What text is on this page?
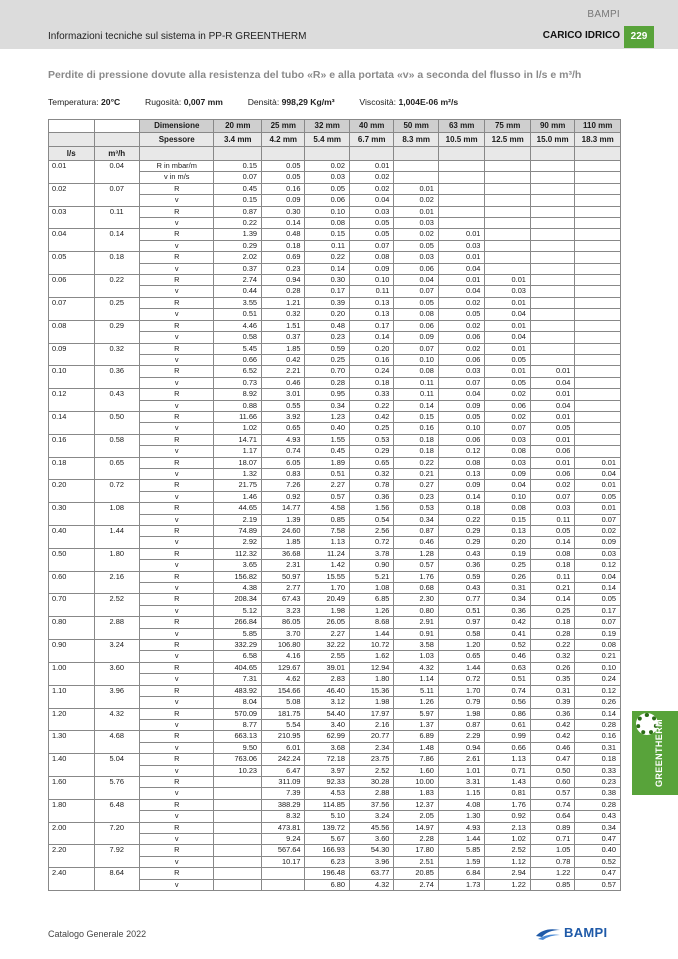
BAMPI
Informazioni tecniche sul sistema in PP-R GREENTHERM	CARICO IDRICO	229
Perdite di pressione dovute alla resistenza del tubo «R» e alla portata «v» a seconda del flusso in l/s e m³/h
Temperatura: 20°C	Rugosità: 0,007 mm	Densità: 998,29 Kg/m³	Viscosità: 1,004E-06 m²/s
		Dimensione	20 mm	25 mm	32 mm	40 mm	50 mm	63 mm	75 mm	90 mm	110 mm
		Spessore	3.4 mm	4.2 mm	5.4 mm	6.7 mm	8.3 mm	10.5 mm	12.5 mm	15.0 mm	18.3 mm
l/s	m³/h										
0.01	0.04	R in mbar/m	0.15	0.05	0.02	0.01					
		v in m/s	0.07	0.05	0.03	0.02					
0.02	0.07	R	0.45	0.16	0.05	0.02	0.01				
		v	0.15	0.09	0.06	0.04	0.02				
0.03	0.11	R	0.87	0.30	0.10	0.03	0.01				
		v	0.22	0.14	0.08	0.05	0.03				
0.04	0.14	R	1.39	0.48	0.15	0.05	0.02	0.01			
		v	0.29	0.18	0.11	0.07	0.05	0.03			
0.05	0.18	R	2.02	0.69	0.22	0.08	0.03	0.01			
		v	0.37	0.23	0.14	0.09	0.06	0.04			
0.06	0.22	R	2.74	0.94	0.30	0.10	0.04	0.01	0.01		
		v	0.44	0.28	0.17	0.11	0.07	0.04	0.03		
0.07	0.25	R	3.55	1.21	0.39	0.13	0.05	0.02	0.01		
		v	0.51	0.32	0.20	0.13	0.08	0.05	0.04		
0.08	0.29	R	4.46	1.51	0.48	0.17	0.06	0.02	0.01		
		v	0.58	0.37	0.23	0.14	0.09	0.06	0.04		
0.09	0.32	R	5.45	1.85	0.59	0.20	0.07	0.02	0.01		
		v	0.66	0.42	0.25	0.16	0.10	0.06	0.05		
0.10	0.36	R	6.52	2.21	0.70	0.24	0.08	0.03	0.01	0.01	
		v	0.73	0.46	0.28	0.18	0.11	0.07	0.05	0.04	
0.12	0.43	R	8.92	3.01	0.95	0.33	0.11	0.04	0.02	0.01	
		v	0.88	0.55	0.34	0.22	0.14	0.09	0.06	0.04	
0.14	0.50	R	11.66	3.92	1.23	0.42	0.15	0.05	0.02	0.01	
		v	1.02	0.65	0.40	0.25	0.16	0.10	0.07	0.05	
0.16	0.58	R	14.71	4.93	1.55	0.53	0.18	0.06	0.03	0.01	
		v	1.17	0.74	0.45	0.29	0.18	0.12	0.08	0.06	
0.18	0.65	R	18.07	6.05	1.89	0.65	0.22	0.08	0.03	0.01	0.01
		v	1.32	0.83	0.51	0.32	0.21	0.13	0.09	0.06	0.04
0.20	0.72	R	21.75	7.26	2.27	0.78	0.27	0.09	0.04	0.02	0.01
		v	1.46	0.92	0.57	0.36	0.23	0.14	0.10	0.07	0.05
0.30	1.08	R	44.65	14.77	4.58	1.56	0.53	0.18	0.08	0.03	0.01
		v	2.19	1.39	0.85	0.54	0.34	0.22	0.15	0.11	0.07
0.40	1.44	R	74.89	24.60	7.58	2.56	0.87	0.29	0.13	0.05	0.02
		v	2.92	1.85	1.13	0.72	0.46	0.29	0.20	0.14	0.09
0.50	1.80	R	112.32	36.68	11.24	3.78	1.28	0.43	0.19	0.08	0.03
		v	3.65	2.31	1.42	0.90	0.57	0.36	0.25	0.18	0.12
0.60	2.16	R	156.82	50.97	15.55	5.21	1.76	0.59	0.26	0.11	0.04
		v	4.38	2.77	1.70	1.08	0.68	0.43	0.31	0.21	0.14
0.70	2.52	R	208.34	67.43	20.49	6.85	2.30	0.77	0.34	0.14	0.05
		v	5.12	3.23	1.98	1.26	0.80	0.51	0.36	0.25	0.17
0.80	2.88	R	266.84	86.05	26.05	8.68	2.91	0.97	0.42	0.18	0.07
		v	5.85	3.70	2.27	1.44	0.91	0.58	0.41	0.28	0.19
0.90	3.24	R	332.29	106.80	32.22	10.72	3.58	1.20	0.52	0.22	0.08
		v	6.58	4.16	2.55	1.62	1.03	0.65	0.46	0.32	0.21
1.00	3.60	R	404.65	129.67	39.01	12.94	4.32	1.44	0.63	0.26	0.10
		v	7.31	4.62	2.83	1.80	1.14	0.72	0.51	0.35	0.24
1.10	3.96	R	483.92	154.66	46.40	15.36	5.11	1.70	0.74	0.31	0.12
		v	8.04	5.08	3.12	1.98	1.26	0.79	0.56	0.39	0.26
1.20	4.32	R	570.09	181.75	54.40	17.97	5.97	1.98	0.86	0.36	0.14
		v	8.77	5.54	3.40	2.16	1.37	0.87	0.61	0.42	0.28
1.30	4.68	R	663.13	210.95	62.99	20.77	6.89	2.29	0.99	0.42	0.16
		v	9.50	6.01	3.68	2.34	1.48	0.94	0.66	0.46	0.31
1.40	5.04	R	763.06	242.24	72.18	23.75	7.86	2.61	1.13	0.47	0.18
		v	10.23	6.47	3.97	2.52	1.60	1.01	0.71	0.50	0.33
1.60	5.76	R		311.09	92.33	30.28	10.00	3.31	1.43	0.60	0.23
		v		7.39	4.53	2.88	1.83	1.15	0.81	0.57	0.38
1.80	6.48	R		388.29	114.85	37.56	12.37	4.08	1.76	0.74	0.28
		v		8.32	5.10	3.24	2.05	1.30	0.92	0.64	0.43
2.00	7.20	R		473.81	139.72	45.56	14.97	4.93	2.13	0.89	0.34
		v		9.24	5.67	3.60	2.28	1.44	1.02	0.71	0.47
2.20	7.92	R		567.64	166.93	54.30	17.80	5.85	2.52	1.05	0.40
		v		10.17	6.23	3.96	2.51	1.59	1.12	0.78	0.52
2.40	8.64	R			196.48	63.77	20.85	6.84	2.94	1.22	0.47
		v			6.80	4.32	2.74	1.73	1.22	0.85	0.57
GREENTHERM
Catalogo Generale 2022	BAMPI
